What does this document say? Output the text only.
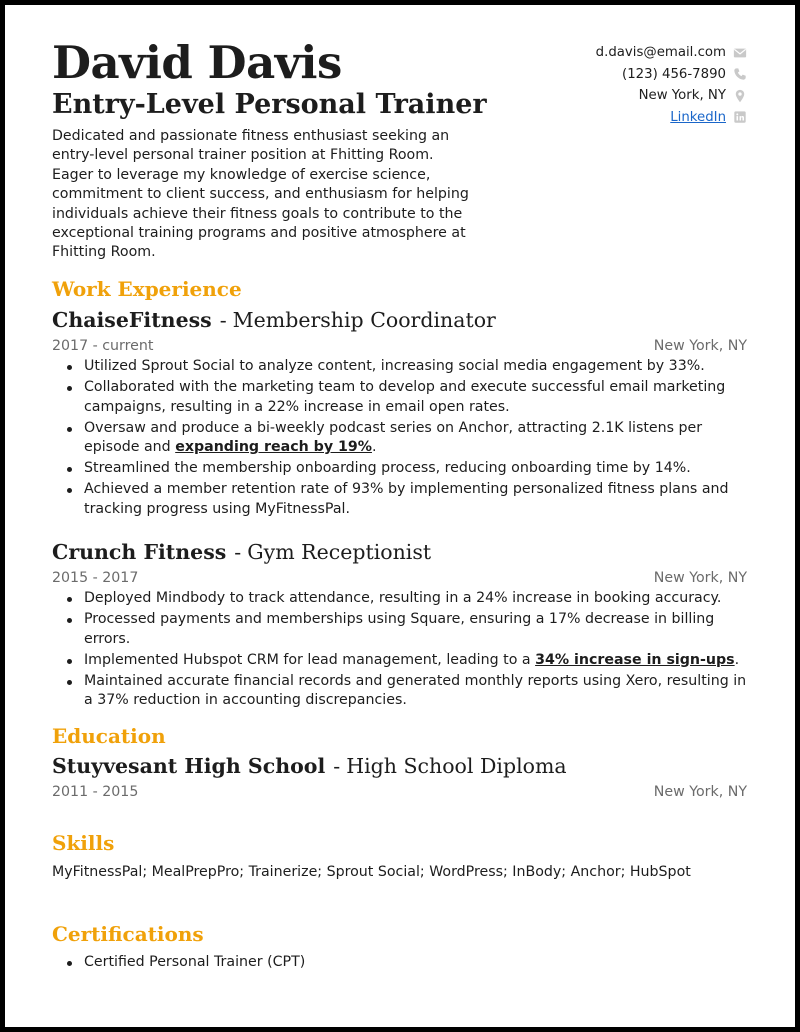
David Davis
Entry-Level Personal Trainer

Dedicated and passionate fitness enthusiast seeking an entry-level personal trainer position at Fhitting Room. Eager to leverage my knowledge of exercise science, commitment to client success, and enthusiasm for helping individuals achieve their fitness goals to contribute to the exceptional training programs and positive atmosphere at Fhitting Room.

d.davis@email.com
(123) 456-7890
New York, NY
LinkedIn
Work Experience
ChaiseFitness - Membership Coordinator
2017 - current	New York, NY
Utilized Sprout Social to analyze content, increasing social media engagement by 33%.
Collaborated with the marketing team to develop and execute successful email marketing campaigns, resulting in a 22% increase in email open rates.
Oversaw and produce a bi-weekly podcast series on Anchor, attracting 2.1K listens per episode and expanding reach by 19%.
Streamlined the membership onboarding process, reducing onboarding time by 14%.
Achieved a member retention rate of 93% by implementing personalized fitness plans and tracking progress using MyFitnessPal.
Crunch Fitness - Gym Receptionist
2015 - 2017	New York, NY
Deployed Mindbody to track attendance, resulting in a 24% increase in booking accuracy.
Processed payments and memberships using Square, ensuring a 17% decrease in billing errors.
Implemented Hubspot CRM for lead management, leading to a 34% increase in sign-ups.
Maintained accurate financial records and generated monthly reports using Xero, resulting in a 37% reduction in accounting discrepancies.
Education
Stuyvesant High School - High School Diploma
2011 - 2015	New York, NY
Skills
MyFitnessPal; MealPrepPro; Trainerize; Sprout Social; WordPress; InBody; Anchor; HubSpot
Certifications
Certified Personal Trainer (CPT)
